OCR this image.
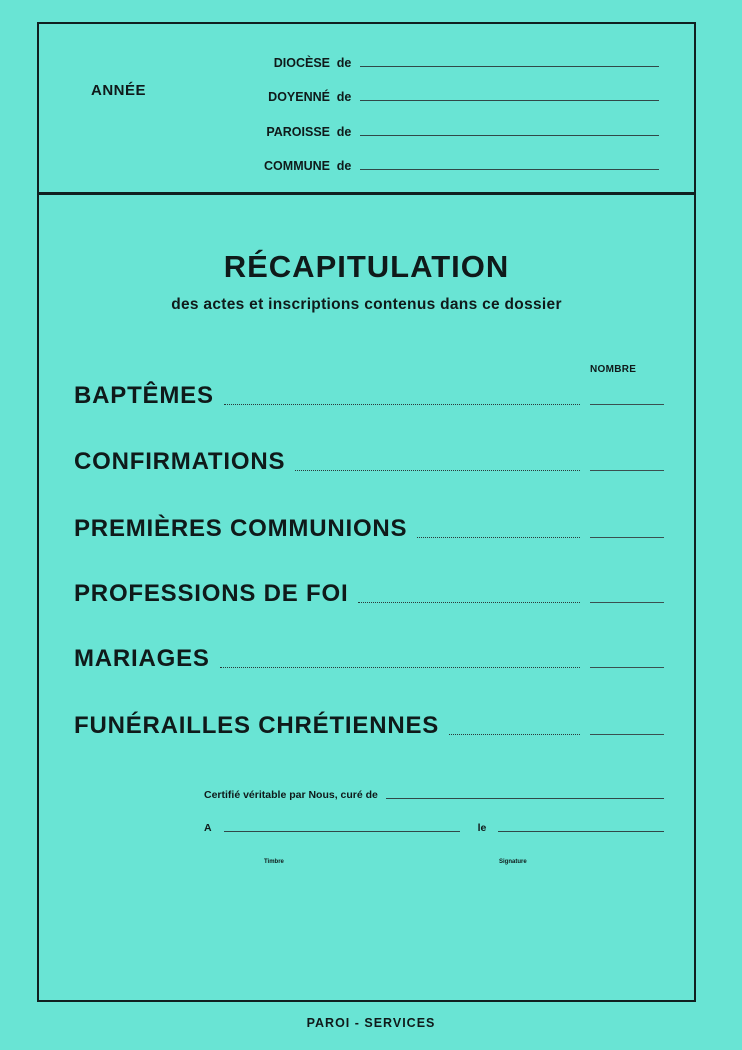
ANNÉE
DIOCÈSE de
DOYENNÉ de
PAROISSE de
COMMUNE de
RÉCAPITULATION
des actes et inscriptions contenus dans ce dossier
NOMBRE
BAPTÊMES
CONFIRMATIONS
PREMIÈRES COMMUNIONS
PROFESSIONS DE FOI
MARIAGES
FUNÉRAILLES CHRÉTIENNES
Certifié véritable par Nous, curé de
A	le
Timbre	Signature
PAROI - SERVICES
